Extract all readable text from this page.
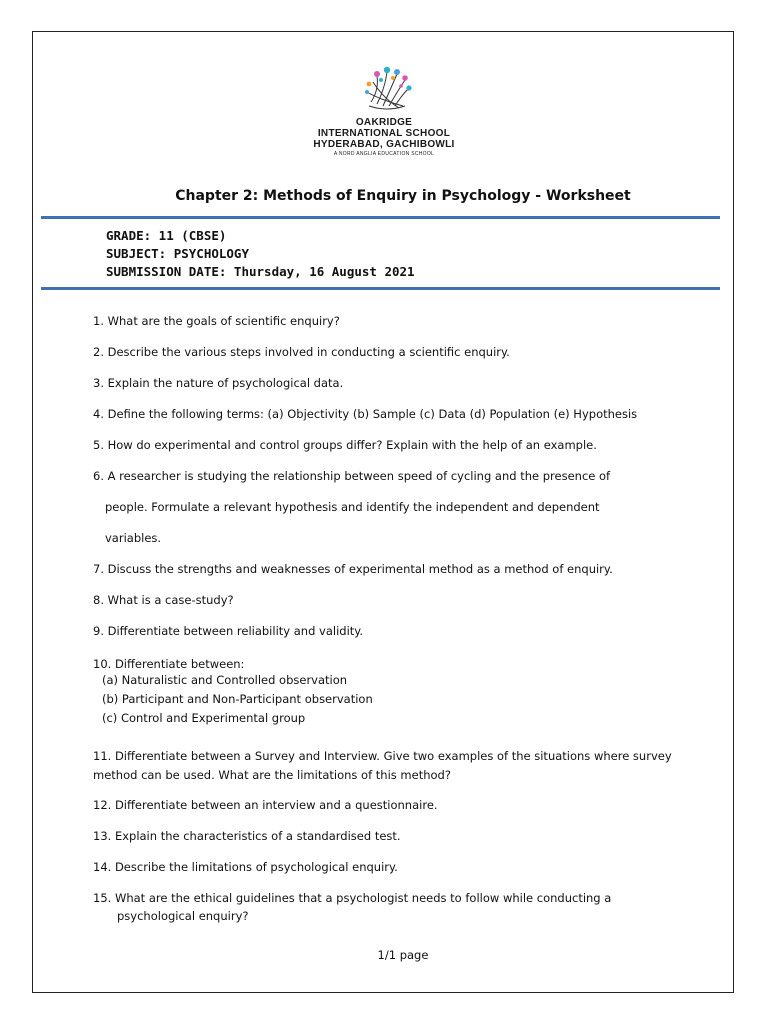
OAKRIDGE
INTERNATIONAL SCHOOL
HYDERABAD, GACHIBOWLI
A NORD ANGLIA EDUCATION SCHOOL
Chapter 2: Methods of Enquiry in Psychology - Worksheet
GRADE: 11 (CBSE)
SUBJECT: PSYCHOLOGY
SUBMISSION DATE: Thursday, 16 August 2021
1. What are the goals of scientific enquiry?
2. Describe the various steps involved in conducting a scientific enquiry.
3. Explain the nature of psychological data.
4. Define the following terms: (a) Objectivity (b) Sample (c) Data (d) Population (e) Hypothesis
5. How do experimental and control groups differ? Explain with the help of an example.
6. A researcher is studying the relationship between speed of cycling and the presence of
people. Formulate a relevant hypothesis and identify the independent and dependent
variables.
7. Discuss the strengths and weaknesses of experimental method as a method of enquiry.
8. What is a case-study?
9. Differentiate between reliability and validity.
10. Differentiate between:
(a) Naturalistic and Controlled observation
(b) Participant and Non-Participant observation
(c) Control and Experimental group
11. Differentiate between a Survey and Interview. Give two examples of the situations where survey
method can be used. What are the limitations of this method?
12. Differentiate between an interview and a questionnaire.
13. Explain the characteristics of a standardised test.
14. Describe the limitations of psychological enquiry.
15. What are the ethical guidelines that a psychologist needs to follow while conducting a
psychological enquiry?
1/1 page
